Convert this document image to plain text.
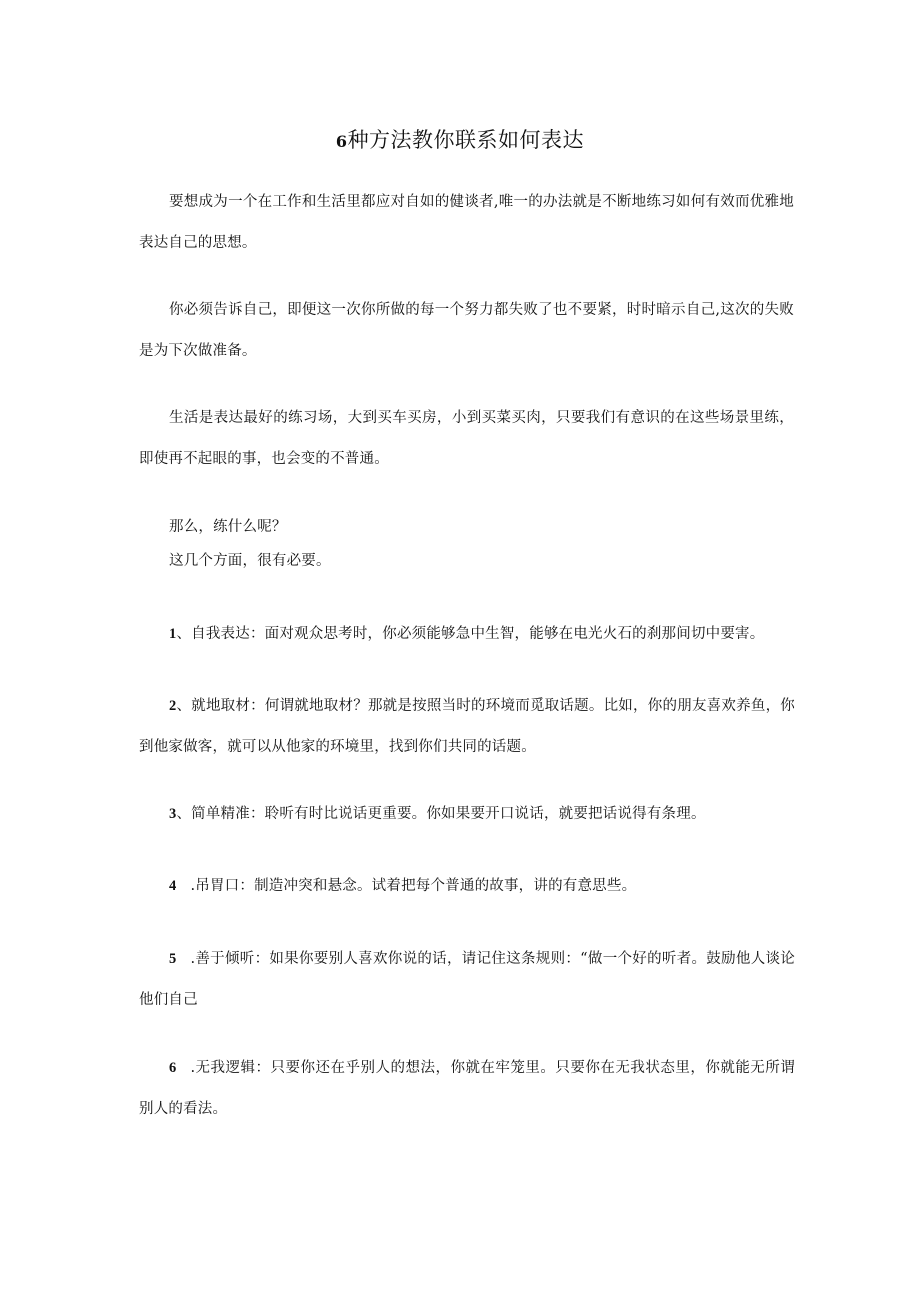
6种方法教你联系如何表达
要想成为一个在工作和生活里都应对自如的健谈者,唯一的办法就是不断地练习如何有效而优雅地表达自己的思想。
你必须告诉自己，即便这一次你所做的每一个努力都失败了也不要紧，时时暗示自己,这次的失败是为下次做准备。
生活是表达最好的练习场，大到买车买房，小到买菜买肉，只要我们有意识的在这些场景里练，即使再不起眼的事，也会变的不普通。
那么，练什么呢？
这几个方面，很有必要。
1、自我表达：面对观众思考时，你必须能够急中生智，能够在电光火石的刹那间切中要害。
2、就地取材：何谓就地取材？那就是按照当时的环境而觅取话题。比如，你的朋友喜欢养鱼，你到他家做客，就可以从他家的环境里，找到你们共同的话题。
3、简单精准：聆听有时比说话更重要。你如果要开口说话，就要把话说得有条理。
4 .吊胃口：制造冲突和悬念。试着把每个普通的故事，讲的有意思些。
5 .善于倾听：如果你要别人喜欢你说的话，请记住这条规则：“做一个好的听者。鼓励他人谈论他们自己
6 .无我逻辑：只要你还在乎别人的想法，你就在牢笼里。只要你在无我状态里，你就能无所谓别人的看法。
